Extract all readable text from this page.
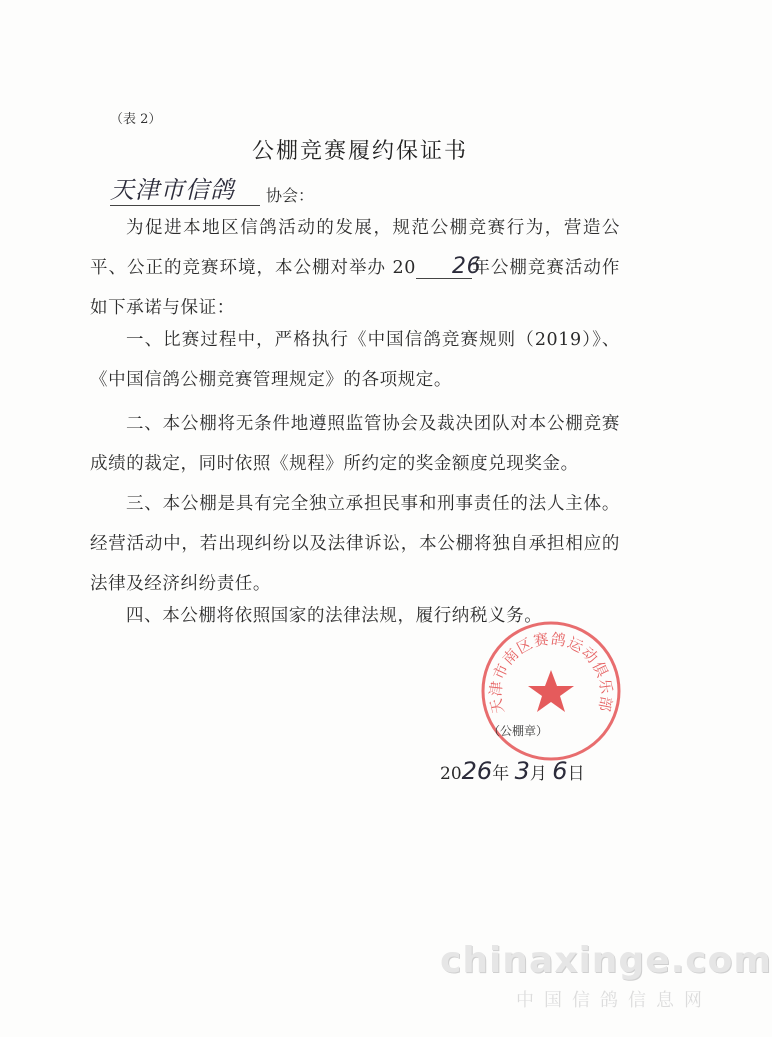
（表 2）
公棚竞赛履约保证书
天津市信鸽 协会：
为促进本地区信鸽活动的发展，规范公棚竞赛行为，营造公平、公正的竞赛环境，本公棚对举办 20 26年公棚竞赛活动作如下承诺与保证：
一、比赛过程中，严格执行《中国信鸽竞赛规则（2019）》、《中国信鸽公棚竞赛管理规定》的各项规定。
二、本公棚将无条件地遵照监管协会及裁决团队对本公棚竞赛成绩的裁定，同时依照《规程》所约定的奖金额度兑现奖金。
三、本公棚是具有完全独立承担民事和刑事责任的法人主体。经营活动中，若出现纠纷以及法律诉讼，本公棚将独自承担相应的法律及经济纠纷责任。
四、本公棚将依照国家的法律法规，履行纳税义务。
天津市南区赛鸽运动俱乐部
（公棚章）
2026年 3月 6日
chinaxinge.com
中国信鸽信息网
